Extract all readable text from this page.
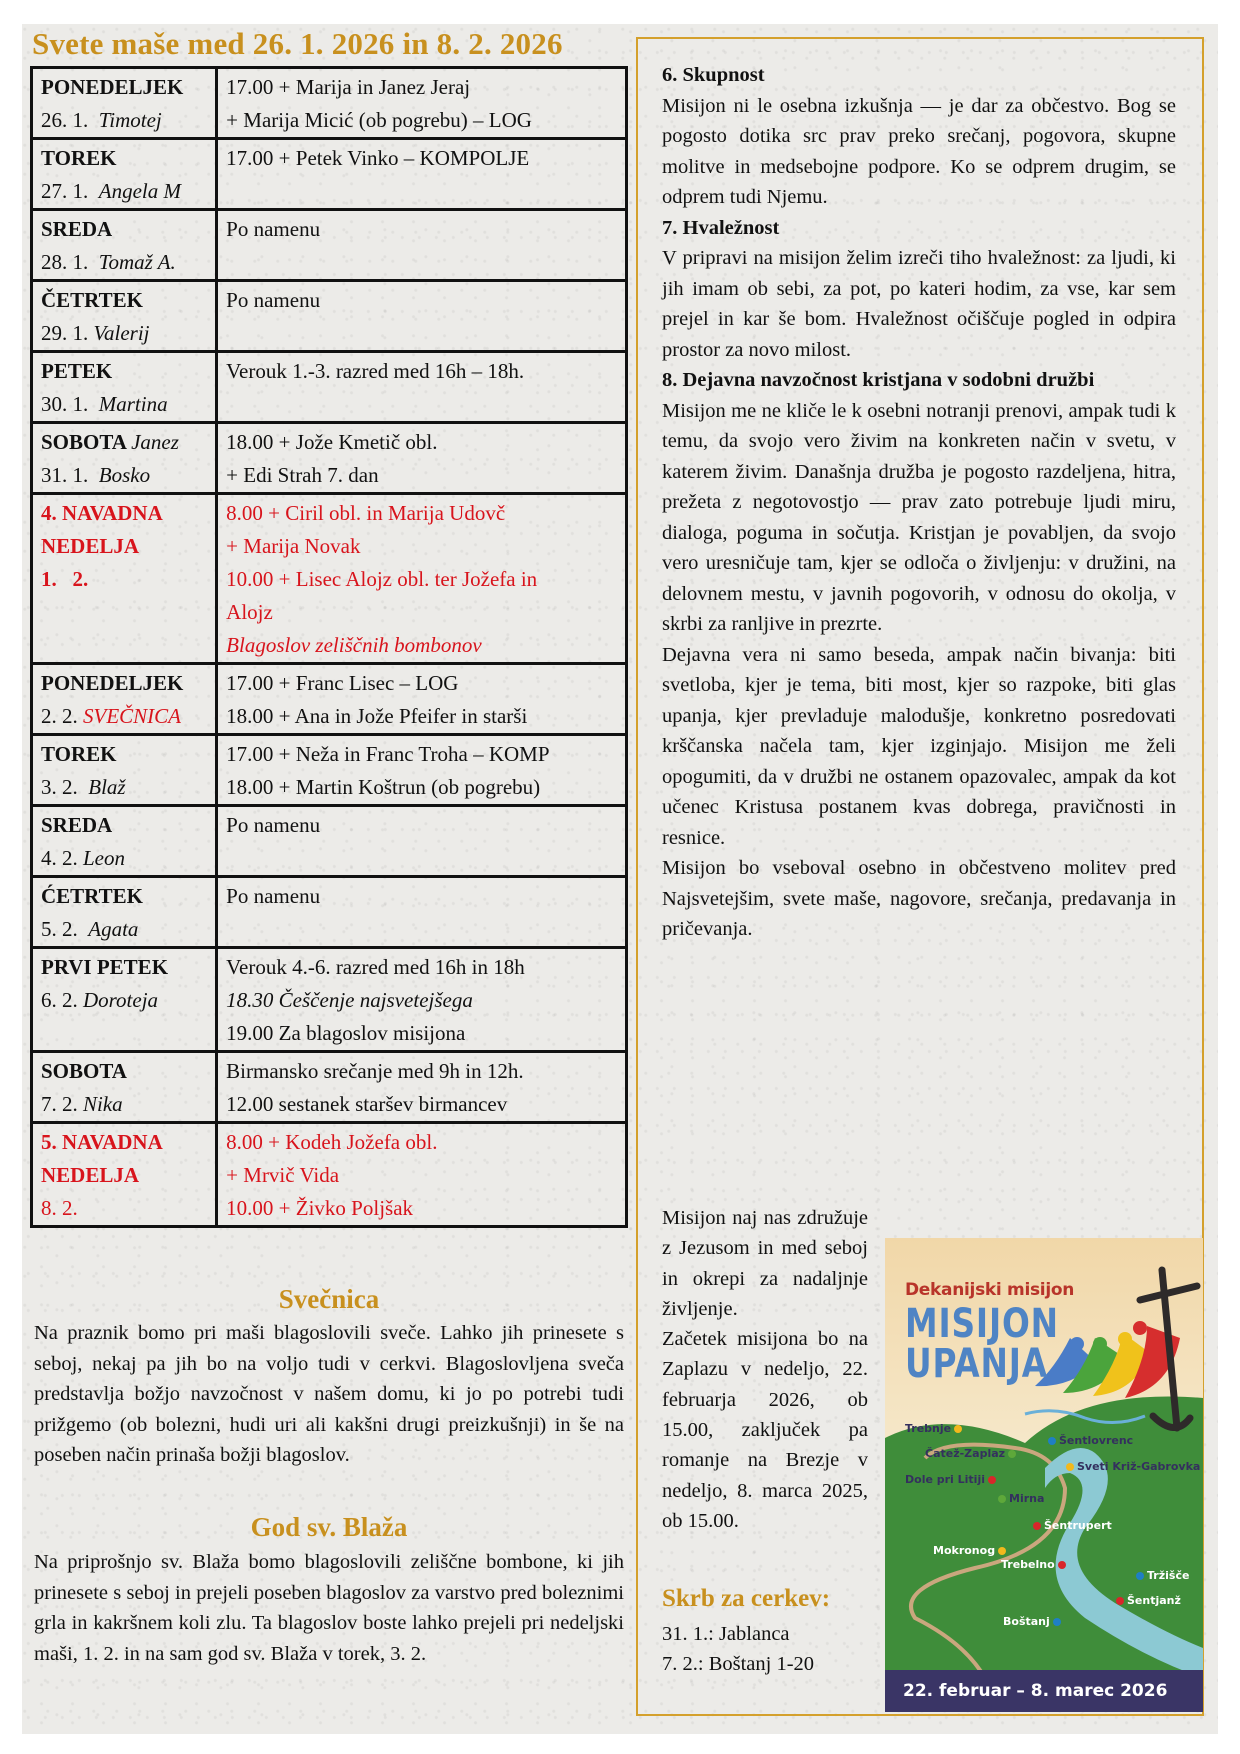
Svete maše med 26. 1. 2026 in 8. 2. 2026
PONEDELJEK
26. 1. Timotej	17.00 + Marija in Janez Jeraj
+ Marija Micić (ob pogrebu) – LOG

TOREK
27. 1. Angela M	17.00 + Petek Vinko – KOMPOLJE

SREDA
28. 1. Tomaž A.	Po namenu

ČETRTEK
29. 1. Valerij	Po namenu

PETEK
30. 1. Martina	Verouk 1.-3. razred med 16h – 18h.

SOBOTA Janez
31. 1. Bosko	18.00 + Jože Kmetič obl.
+ Edi Strah 7. dan

4. NAVADNA
NEDELJA
1.   2.	8.00 + Ciril obl. in Marija Udovč
+ Marija Novak
10.00 + Lisec Alojz obl. ter Jožefa in
Alojz
Blagoslov zeliščnih bombonov

PONEDELJEK
2. 2. SVEČNICA	17.00 + Franc Lisec – LOG
18.00 + Ana in Jože Pfeifer in starši

TOREK
3. 2. Blaž	17.00 + Neža in Franc Troha – KOMP
18.00 + Martin Koštrun (ob pogrebu)

SREDA
4. 2. Leon	Po namenu

ĆETRTEK
5. 2. Agata	Po namenu

PRVI PETEK
6. 2. Doroteja	Verouk 4.-6. razred med 16h in 18h
18.30 Češčenje najsvetejšega
19.00 Za blagoslov misijona

SOBOTA
7. 2. Nika	Birmansko srečanje med 9h in 12h.
12.00 sestanek staršev birmancev

5. NAVADNA
NEDELJA
8. 2.	8.00 + Kodeh Jožefa obl.
+ Mrvič Vida
10.00 + Živko Poljšak
Svečnica
Na praznik bomo pri maši blagoslovili sveče. Lahko jih prinesete s seboj, nekaj pa jih bo na voljo tudi v cerkvi. Blagoslovljena sveča predstavlja božjo navzočnost v našem domu, ki jo po potrebi tudi prižgemo (ob bolezni, hudi uri ali kakšni drugi preizkušnji) in še na poseben način prinaša božji blagoslov.
God sv. Blaža
Na priprošnjo sv. Blaža bomo blagoslovili zeliščne bombone, ki jih prinesete s seboj in prejeli poseben blagoslov za varstvo pred boleznimi grla in kakršnem koli zlu. Ta blagoslov boste lahko prejeli pri nedeljski maši, 1. 2. in na sam god sv. Blaža v torek, 3. 2.
6. Skupnost

Misijon ni le osebna izkušnja — je dar za občestvo. Bog se pogosto dotika src prav preko srečanj, pogovora, skupne molitve in medsebojne podpore. Ko se odprem drugim, se odprem tudi Njemu.

7. Hvaležnost

V pripravi na misijon želim izreči tiho hvaležnost: za ljudi, ki jih imam ob sebi, za pot, po kateri hodim, za vse, kar sem prejel in kar še bom. Hvaležnost očiščuje pogled in odpira prostor za novo milost.

8. Dejavna navzočnost kristjana v sodobni družbi

Misijon me ne kliče le k osebni notranji prenovi, ampak tudi k temu, da svojo vero živim na konkreten način v svetu, v katerem živim. Današnja družba je pogosto razdeljena, hitra, prežeta z negotovostjo — prav zato potrebuje ljudi miru, dialoga, poguma in sočutja. Kristjan je povabljen, da svojo vero uresničuje tam, kjer se odloča o življenju: v družini, na delovnem mestu, v javnih pogovorih, v odnosu do okolja, v skrbi za ranljive in prezrte.

Dejavna vera ni samo beseda, ampak način bivanja: biti svetloba, kjer je tema, biti most, kjer so razpoke, biti glas upanja, kjer prevladuje malodušje, konkretno posredovati krščanska načela tam, kjer izginjajo. Misijon me želi opogumiti, da v družbi ne ostanem opazovalec, ampak da kot učenec Kristusa postanem kvas dobrega, pravičnosti in resnice.

Misijon bo vseboval osebno in občestveno molitev pred Najsvetejšim, svete maše, nagovore, srečanja, predavanja in pričevanja.

Misijon naj nas združuje z Jezusom in med seboj in okrepi za nadaljnje življenje.

Začetek misijona bo na Zaplazu v nedeljo, 22. februarja 2026, ob 15.00, zaključek pa romanje na Brezje v nedeljo, 8. marca 2025, ob 15.00.

Skrb za cerkev:
31. 1.: Jablanca
7. 2.: Boštanj 1-20
Dekanijski misijon
MISIJON
UPANJA
Trebnje
Šentlovrenc
Čatež-Zaplaz
Sveti Križ-Gabrovka
Dole pri Litiji
Mirna
Šentrupert
Mokronog
Trebelno
Tržišče
Šentjanž
Boštanj
22. februar – 8. marec 2026
